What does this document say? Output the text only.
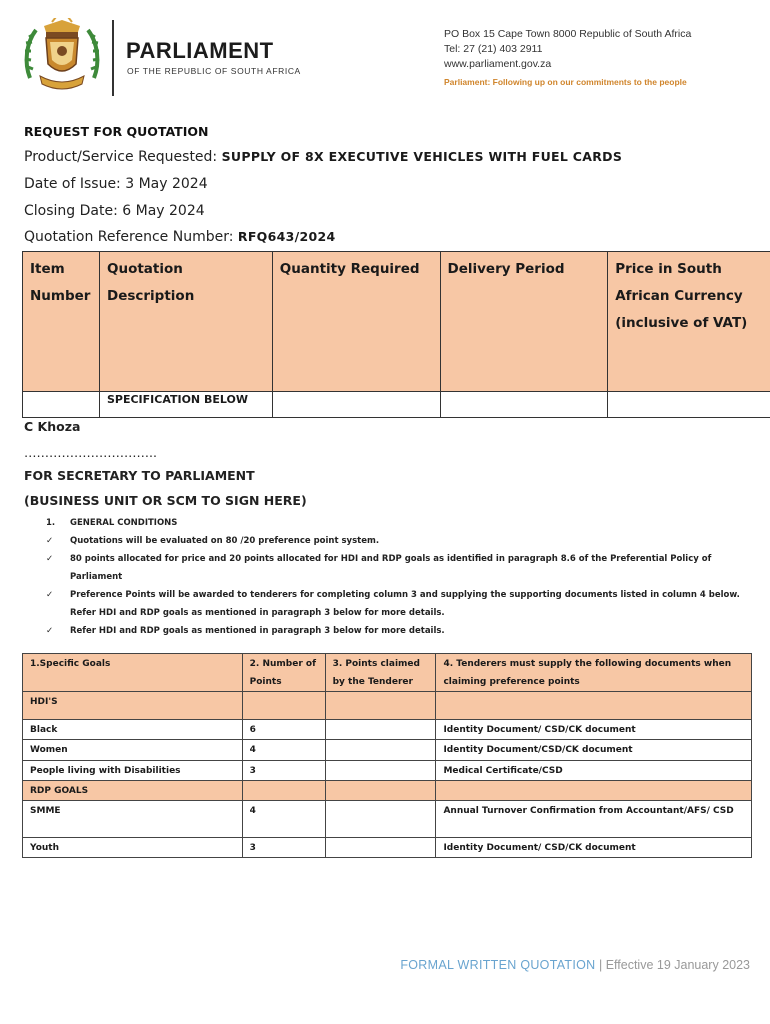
PARLIAMENT
OF THE REPUBLIC OF SOUTH AFRICA
PO Box 15 Cape Town 8000 Republic of South Africa
Tel: 27 (21) 403 2911
www.parliament.gov.za
Parliament: Following up on our commitments to the people
REQUEST FOR QUOTATION
Product/Service Requested: SUPPLY OF 8X EXECUTIVE VEHICLES WITH FUEL CARDS
Date of Issue: 3 May 2024
Closing Date: 6 May 2024
Quotation Reference Number: RFQ643/2024
Item Number	Quotation Description	Quantity Required	Delivery Period	Price in South African Currency (inclusive of VAT)
	SPECIFICATION BELOW			
C Khoza
…………………………..
FOR SECRETARY TO PARLIAMENT
(BUSINESS UNIT OR SCM TO SIGN HERE)
1.	GENERAL CONDITIONS
✓	Quotations will be evaluated on 80 /20 preference point system.
✓	80 points allocated for price and 20 points allocated for HDI and RDP goals as identified in paragraph 8.6 of the Preferential Policy of Parliament
✓	Preference Points will be awarded to tenderers for completing column 3 and supplying the supporting documents listed in column 4 below. Refer HDI and RDP goals as mentioned in paragraph 3 below for more details.
✓	Refer HDI and RDP goals as mentioned in paragraph 3 below for more details.
1.Specific Goals	2. Number of Points	3. Points claimed by the Tenderer	4. Tenderers must supply the following documents when claiming preference points
HDI'S			
Black	6		Identity Document/ CSD/CK document
Women	4		Identity Document/CSD/CK document
People living with Disabilities	3		Medical Certificate/CSD
RDP GOALS			
SMME	4		Annual Turnover Confirmation from Accountant/AFS/ CSD
Youth	3		Identity Document/ CSD/CK document
FORMAL WRITTEN QUOTATION | Effective 19 January 2023
